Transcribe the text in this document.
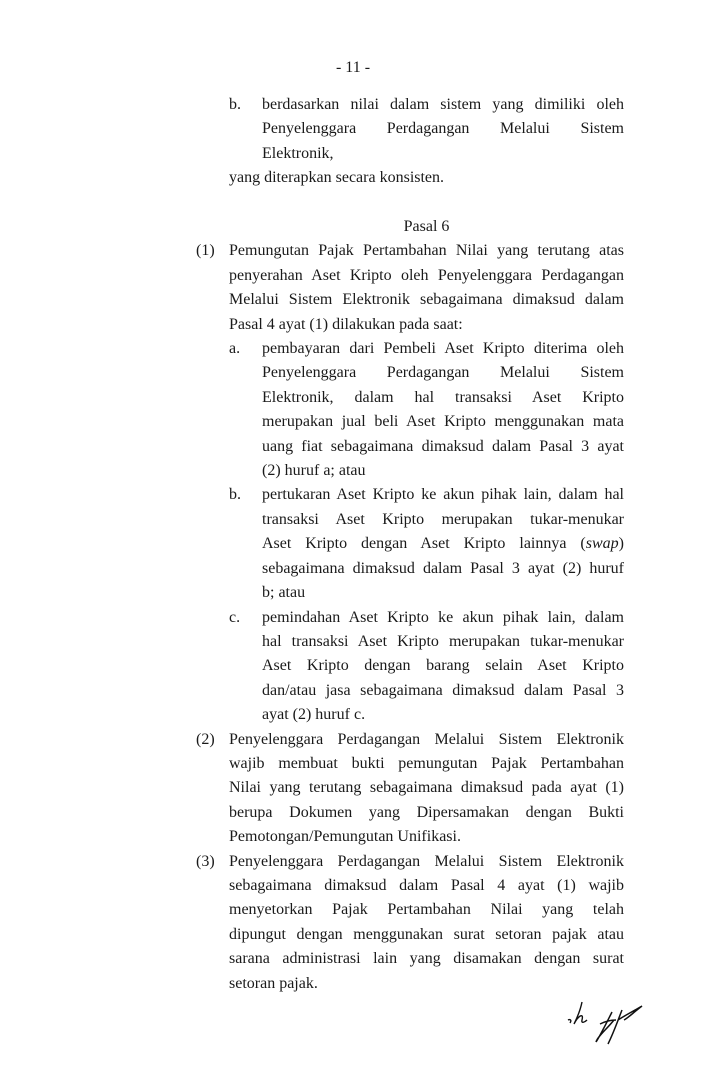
- 11 -
b. berdasarkan nilai dalam sistem yang dimiliki oleh
Penyelenggara Perdagangan Melalui Sistem
Elektronik,
yang diterapkan secara konsisten.
Pasal 6
(1) Pemungutan Pajak Pertambahan Nilai yang terutang atas
penyerahan Aset Kripto oleh Penyelenggara Perdagangan
Melalui Sistem Elektronik sebagaimana dimaksud dalam
Pasal 4 ayat (1) dilakukan pada saat:
a. pembayaran dari Pembeli Aset Kripto diterima oleh
Penyelenggara Perdagangan Melalui Sistem
Elektronik, dalam hal transaksi Aset Kripto
merupakan jual beli Aset Kripto menggunakan mata
uang fiat sebagaimana dimaksud dalam Pasal 3 ayat
(2) huruf a; atau
b. pertukaran Aset Kripto ke akun pihak lain, dalam hal
transaksi Aset Kripto merupakan tukar-menukar
Aset Kripto dengan Aset Kripto lainnya (swap)
sebagaimana dimaksud dalam Pasal 3 ayat (2) huruf
b; atau
c. pemindahan Aset Kripto ke akun pihak lain, dalam
hal transaksi Aset Kripto merupakan tukar-menukar
Aset Kripto dengan barang selain Aset Kripto
dan/atau jasa sebagaimana dimaksud dalam Pasal 3
ayat (2) huruf c.
(2) Penyelenggara Perdagangan Melalui Sistem Elektronik
wajib membuat bukti pemungutan Pajak Pertambahan
Nilai yang terutang sebagaimana dimaksud pada ayat (1)
berupa Dokumen yang Dipersamakan dengan Bukti
Pemotongan/Pemungutan Unifikasi.
(3) Penyelenggara Perdagangan Melalui Sistem Elektronik
sebagaimana dimaksud dalam Pasal 4 ayat (1) wajib
menyetorkan Pajak Pertambahan Nilai yang telah
dipungut dengan menggunakan surat setoran pajak atau
sarana administrasi lain yang disamakan dengan surat
setoran pajak.
